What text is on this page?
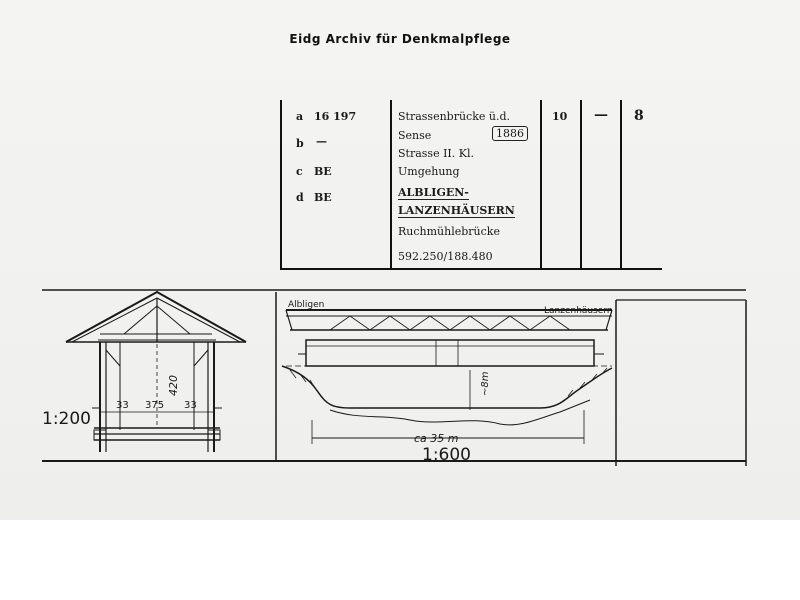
Eidg Archiv für Denkmalpflege
a 16 197
b —
c BE
d BE
Strassenbrücke ü.d.
Sense	1886
Strasse II. Kl.
Umgehung
ALBLIGEN-
LANZENHÄUSERN
Ruchmühlebrücke
592.250/188.480
10 — 8
1:200
420
33 375 33
Albligen
Lanzenhäusern
~8m
ca 35 m
1:600
